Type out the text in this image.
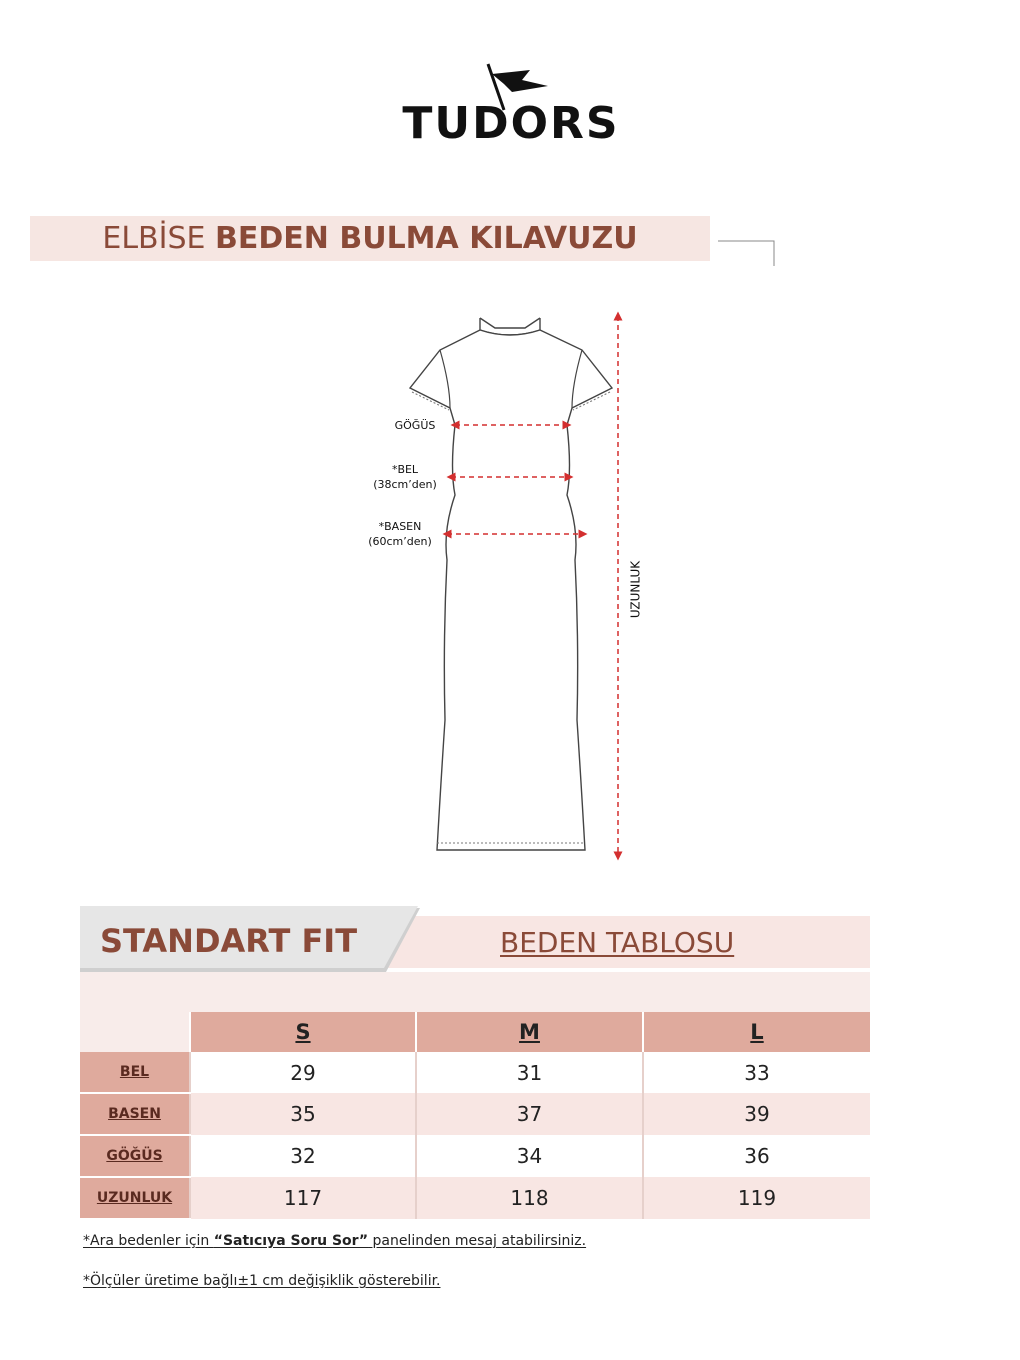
TUDORS
ELBİSE BEDEN BULMA KILAVUZU
GÖĞÜS
*BEL
(38cm’den)
*BASEN
(60cm’den)
UZUNLUK
STANDART FIT	BEDEN TABLOSU

	S	M	L
BEL	29	31	33
BASEN	35	37	39
GÖĞÜS	32	34	36
UZUNLUK	117	118	119
*Ara bedenler için “Satıcıya Soru Sor” panelinden mesaj atabilirsiniz.
*Ölçüler üretime bağlı±1 cm değişiklik gösterebilir.
